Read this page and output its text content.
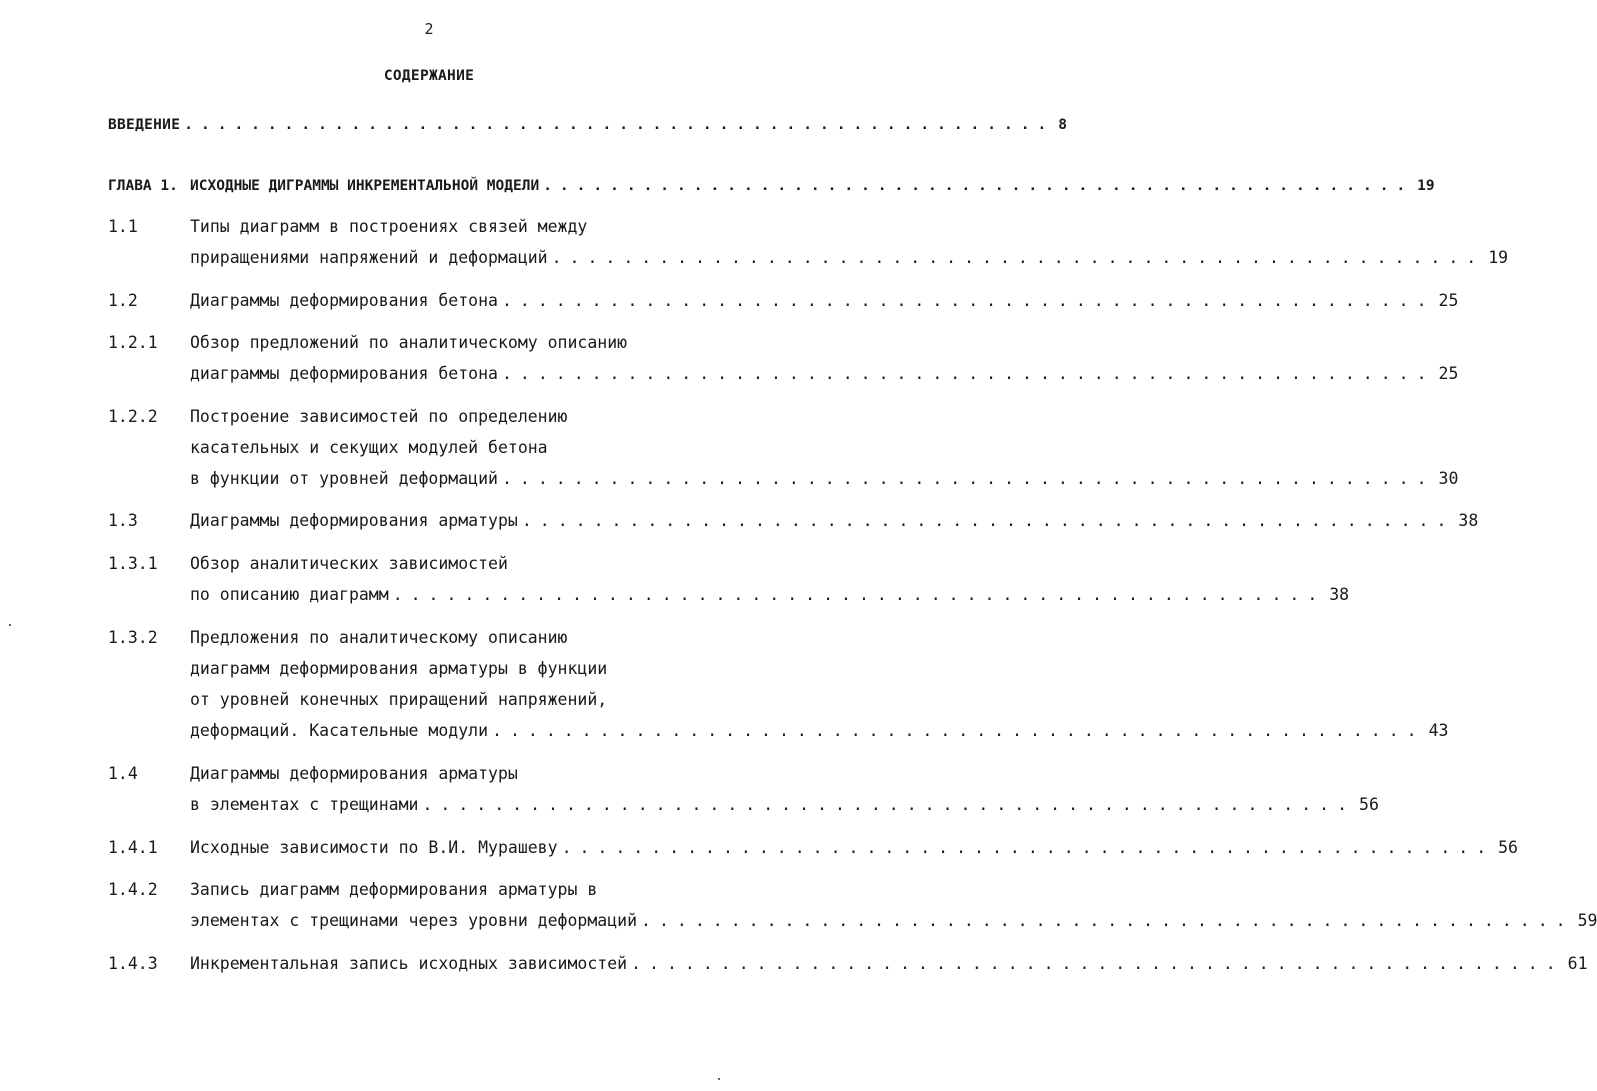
2
СОДЕРЖАНИЕ
ВВЕДЕНИЕ .................................................... 8
ГЛАВА 1. ИСХОДНЫЕ ДИГРАММЫ ИНКРЕМЕНТАЛЬНОЙ МОДЕЛИ .................................................... 19
1.1	Типы диаграмм в построениях связей между
приращениями напряжений и деформаций .................................................... 19
1.2	Диаграммы деформирования бетона .................................................... 25
1.2.1 Обзор предложений по аналитическому описанию
диаграммы деформирования бетона .................................................... 25
1.2.2 Построение зависимостей по определению
касательных и секущих модулей бетона
в функции от уровней деформаций .................................................... 30
1.3	Диаграммы деформирования арматуры .................................................... 38
1.3.1 Обзор аналитических зависимостей
по описанию диаграмм .................................................... 38
1.3.2 Предложения по аналитическому описанию
диаграмм деформирования арматуры в функции
от уровней конечных приращений напряжений,
деформаций. Касательные модули .................................................... 43
1.4	Диаграммы деформирования арматуры
в элементах с трещинами .................................................... 56
1.4.1 Исходные зависимости по В.И. Мурашеву .................................................... 56
1.4.2 Запись диаграмм деформирования арматуры в
элементах с трещинами через уровни деформаций .................................................... 59
1.4.3 Инкрементальная запись исходных зависимостей .................................................... 61
